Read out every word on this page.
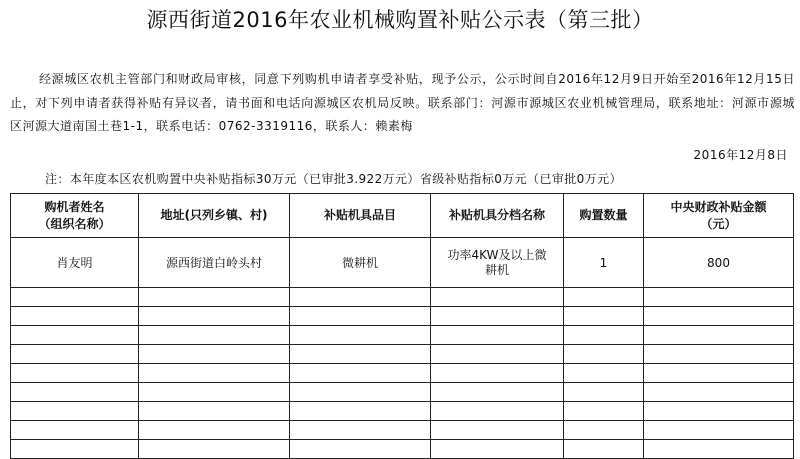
源西街道2016年农业机械购置补贴公示表（第三批）
经源城区农机主管部门和财政局审核，同意下列购机申请者享受补贴，现予公示，公示时间自2016年12月9日开始至2016年12月15日止，对下列申请者获得补贴有异议者，请书面和电话向源城区农机局反映。联系部门：河源市源城区农业机械管理局，联系地址：河源市源城区河源大道南国土巷1-1，联系电话：0762-3319116，联系人：赖素梅
2016年12月8日
注：本年度本区农机购置中央补贴指标30万元（已审批3.922万元）省级补贴指标0万元（已审批0万元）
购机者姓名（组织名称）	地址(只列乡镇、村)	补贴机具品目	补贴机具分档名称	购置数量	中央财政补贴金额（元）

肖友明	源西街道白岭头村	微耕机	功率4KW及以上微耕机	1	800
